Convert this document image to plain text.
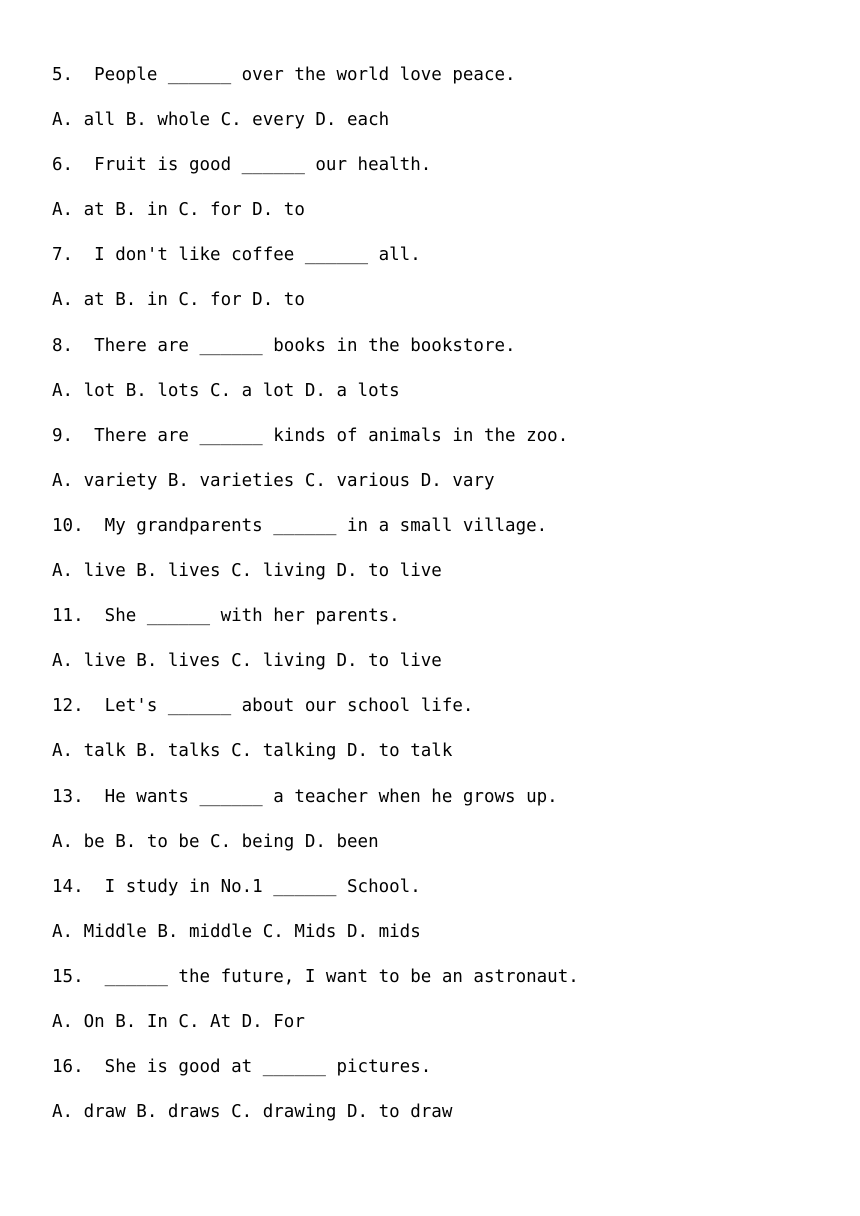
5.  People ______ over the world love peace.
A. all B. whole C. every D. each
6.  Fruit is good ______ our health.
A. at B. in C. for D. to
7.  I don't like coffee ______ all.
A. at B. in C. for D. to
8.  There are ______ books in the bookstore.
A. lot B. lots C. a lot D. a lots
9.  There are ______ kinds of animals in the zoo.
A. variety B. varieties C. various D. vary
10.  My grandparents ______ in a small village.
A. live B. lives C. living D. to live
11.  She ______ with her parents.
A. live B. lives C. living D. to live
12.  Let's ______ about our school life.
A. talk B. talks C. talking D. to talk
13.  He wants ______ a teacher when he grows up.
A. be B. to be C. being D. been
14.  I study in No.1 ______ School.
A. Middle B. middle C. Mids D. mids
15.  ______ the future, I want to be an astronaut.
A. On B. In C. At D. For
16.  She is good at ______ pictures.
A. draw B. draws C. drawing D. to draw
